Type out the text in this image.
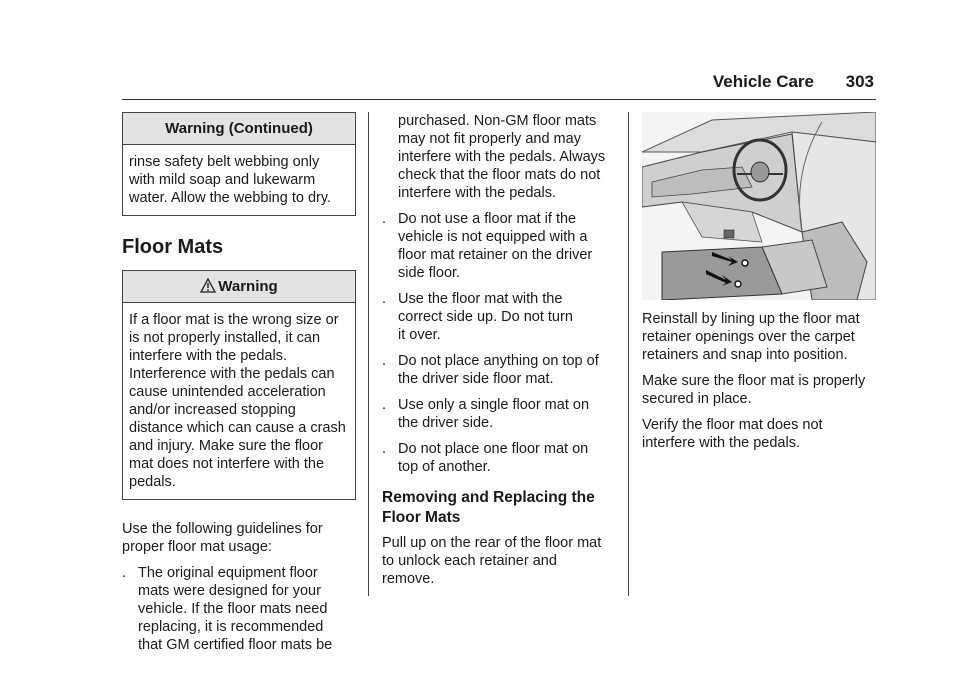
Vehicle Care 303
Warning (Continued)
rinse safety belt webbing only
with mild soap and lukewarm
water. Allow the webbing to dry.
Floor Mats
Warning
If a floor mat is the wrong size or
is not properly installed, it can
interfere with the pedals.
Interference with the pedals can
cause unintended acceleration
and/or increased stopping
distance which can cause a crash
and injury. Make sure the floor
mat does not interfere with the
pedals.

Use the following guidelines for
proper floor mat usage:

. The original equipment floor
mats were designed for your
vehicle. If the floor mats need
replacing, it is recommended
that GM certified floor mats be

purchased. Non-GM floor mats
may not fit properly and may
interfere with the pedals. Always
check that the floor mats do not
interfere with the pedals.

. Do not use a floor mat if the
vehicle is not equipped with a
floor mat retainer on the driver
side floor.
. Use the floor mat with the
correct side up. Do not turn
it over.
. Do not place anything on top of
the driver side floor mat.
. Use only a single floor mat on
the driver side.
. Do not place one floor mat on
top of another.
Removing and Replacing the
Floor Mats

Pull up on the rear of the floor mat
to unlock each retainer and remove.

Reinstall by lining up the floor mat
retainer openings over the carpet
retainers and snap into position.

Make sure the floor mat is properly
secured in place.

Verify the floor mat does not
interfere with the pedals.
